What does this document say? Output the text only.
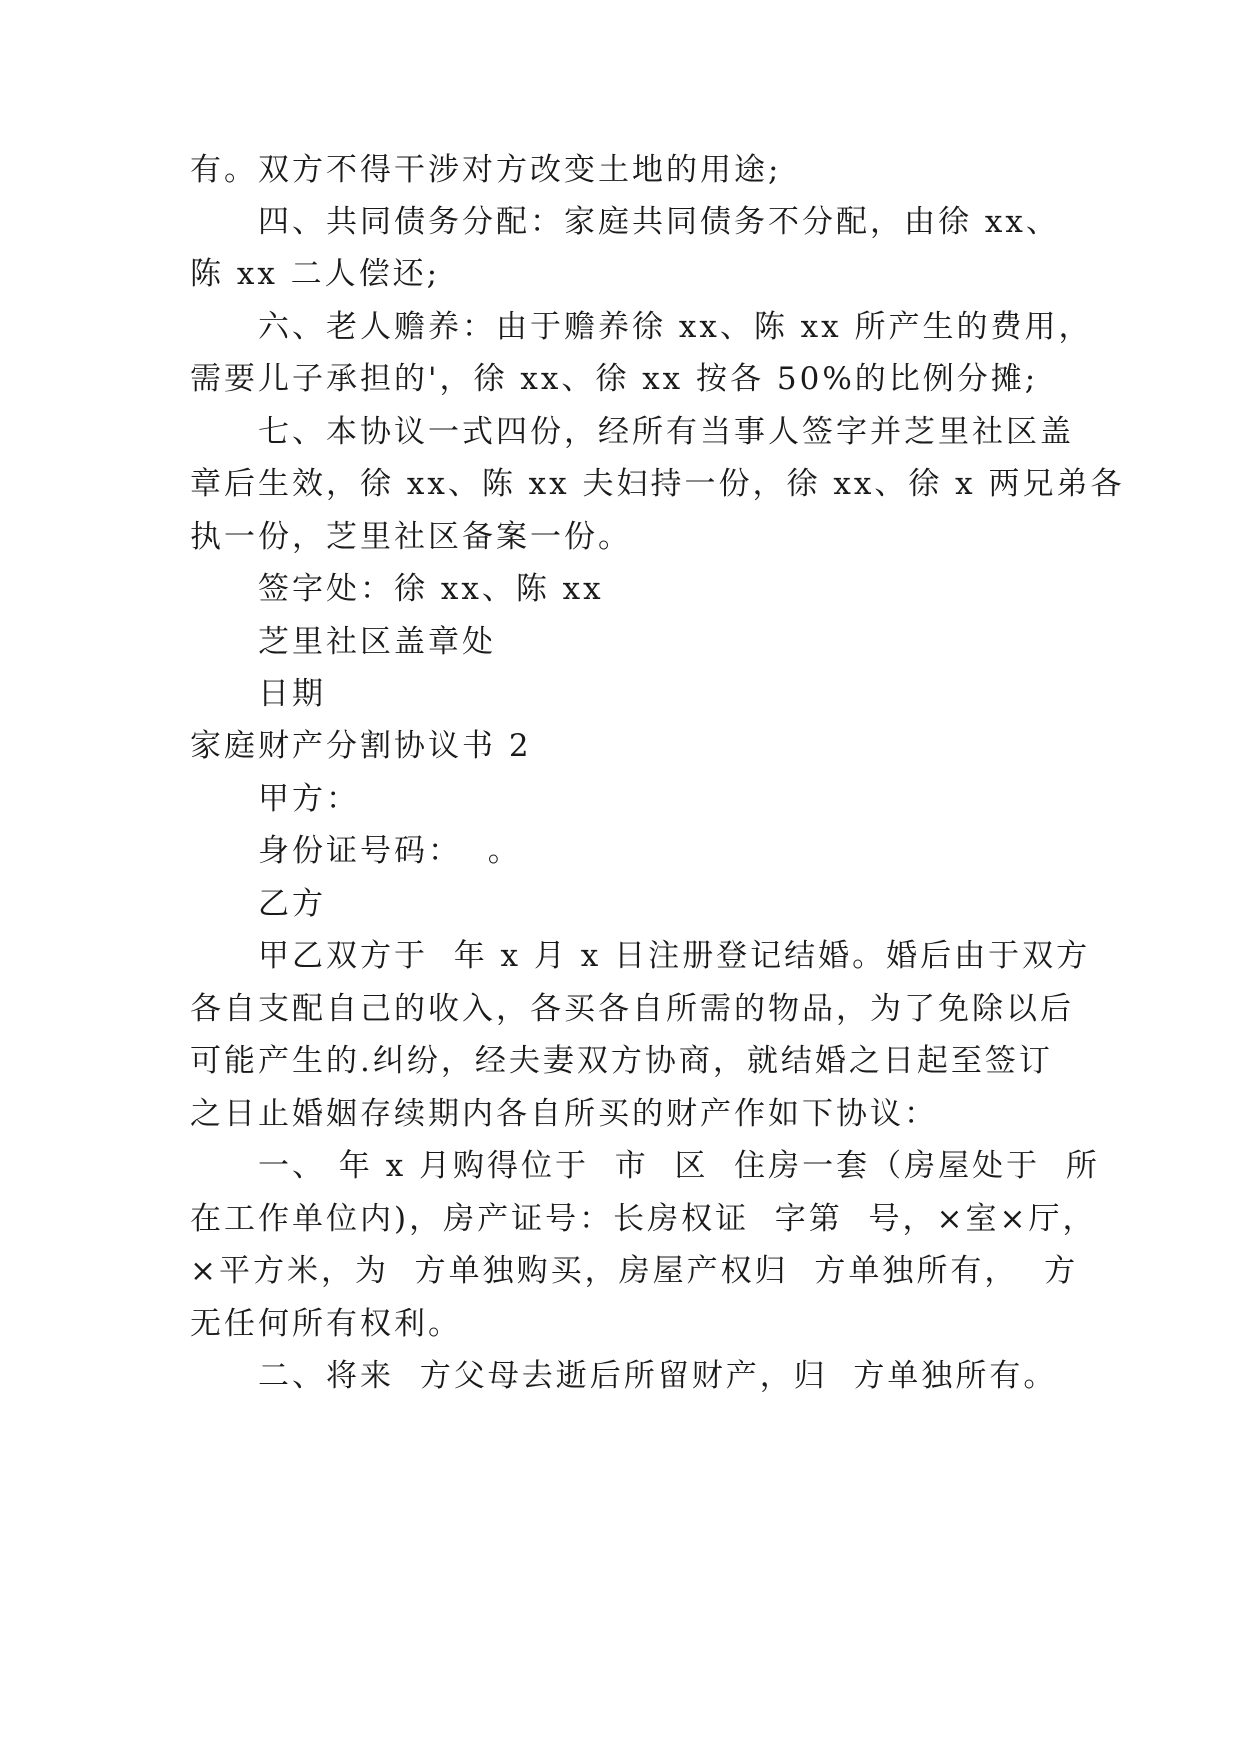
有。双方不得干涉对方改变土地的用途;
四、共同债务分配：家庭共同债务不分配，由徐 xx、
陈 xx 二人偿还;
六、老人赡养：由于赡养徐 xx、陈 xx 所产生的费用，
需要儿子承担的'，徐 xx、徐 xx 按各 50%的比例分摊;
七、本协议一式四份，经所有当事人签字并芝里社区盖
章后生效，徐 xx、陈 xx 夫妇持一份，徐 xx、徐 x 两兄弟各
执一份，芝里社区备案一份。
签字处：徐 xx、陈 xx
芝里社区盖章处
日期
家庭财产分割协议书 2
甲方：
身份证号码：  。
乙方
甲乙双方于  年 x 月 x 日注册登记结婚。婚后由于双方
各自支配自己的收入，各买各自所需的物品，为了免除以后
可能产生的.纠纷，经夫妻双方协商，就结婚之日起至签订
之日止婚姻存续期内各自所买的财产作如下协议：
一、 年 x 月购得位于  市  区  住房一套（房屋处于  所
在工作单位内)，房产证号：长房权证  字第  号，×室×厅，
×平方米，为  方单独购买，房屋产权归  方单独所有，  方
无任何所有权利。
二、将来  方父母去逝后所留财产，归  方单独所有。
